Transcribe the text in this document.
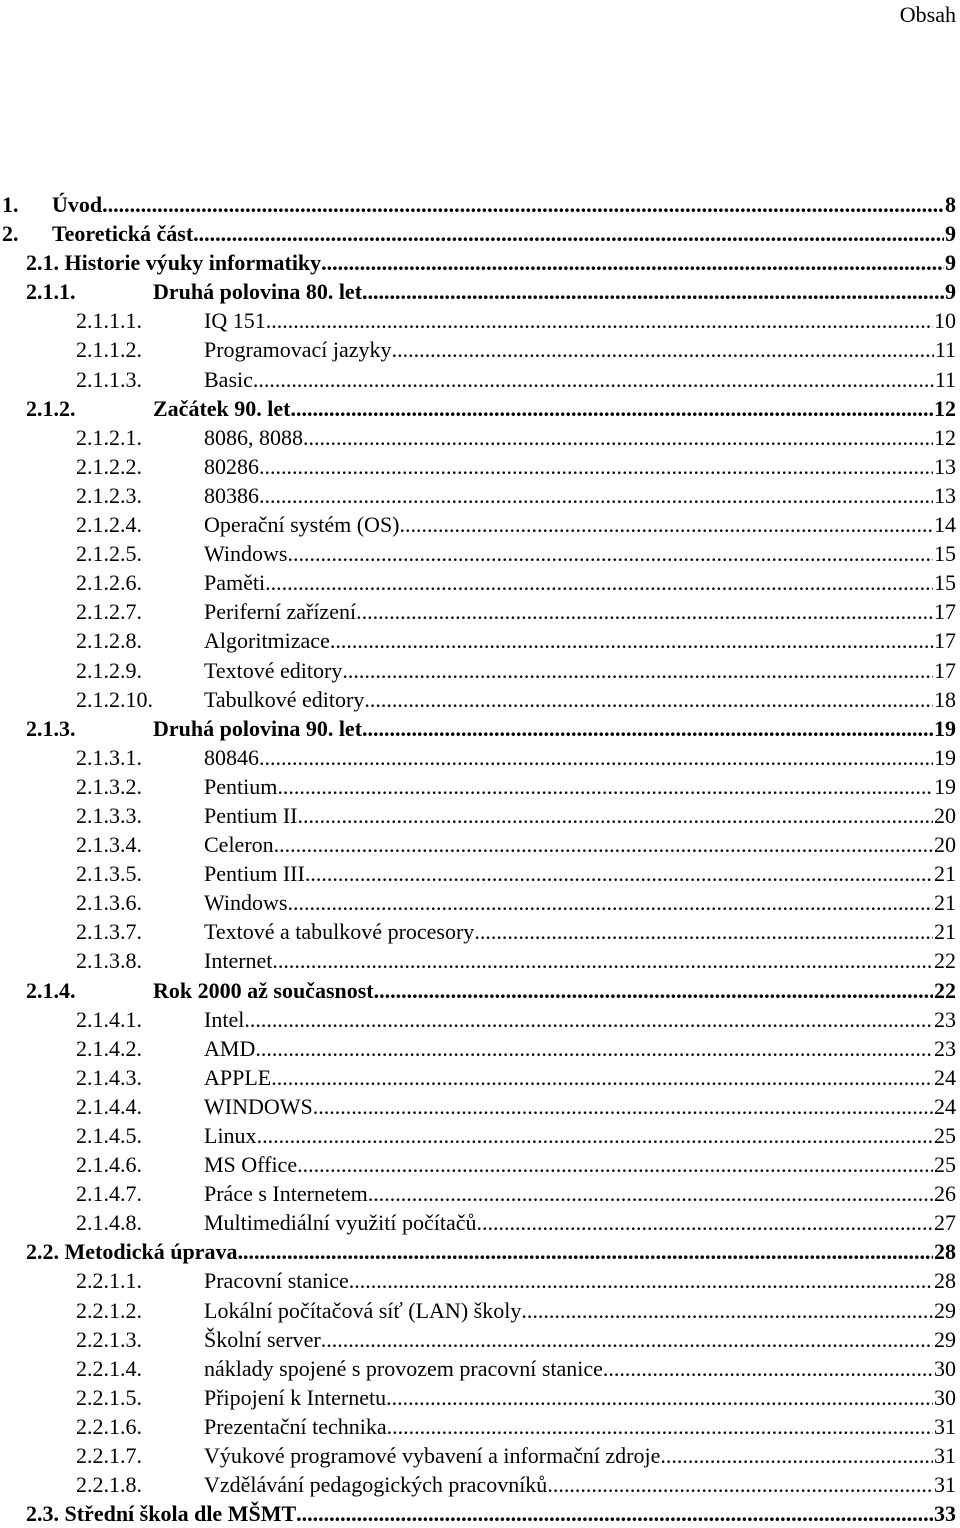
Obsah
1. Úvod .....	8
2. Teoretická část .....	9
2.1. Historie výuky informatiky .....	9
2.1.1.	Druhá polovina 80. let .....	9
2.1.1.1.	IQ 151 .....	10
2.1.1.2.	Programovací jazyky .....	11
2.1.1.3.	Basic .....	11
2.1.2.	Začátek 90. let .....	12
2.1.2.1.	8086, 8088 .....	12
2.1.2.2.	80286 .....	13
2.1.2.3.	80386 .....	13
2.1.2.4.	Operační systém (OS) .....	14
2.1.2.5.	Windows .....	15
2.1.2.6.	Paměti .....	15
2.1.2.7.	Periferní zařízení .....	17
2.1.2.8.	Algoritmizace .....	17
2.1.2.9.	Textové editory .....	17
2.1.2.10. Tabulkové editory .....	18
2.1.3.	Druhá polovina 90. let .....	19
2.1.3.1.	80846 .....	19
2.1.3.2.	Pentium .....	19
2.1.3.3.	Pentium II .....	20
2.1.3.4.	Celeron .....	20
2.1.3.5.	Pentium III .....	21
2.1.3.6.	Windows .....	21
2.1.3.7.	Textové a tabulkové procesory .....	21
2.1.3.8.	Internet .....	22
2.1.4.	Rok 2000 až současnost .....	22
2.1.4.1.	Intel .....	23
2.1.4.2.	AMD .....	23
2.1.4.3.	APPLE .....	24
2.1.4.4.	WINDOWS .....	24
2.1.4.5.	Linux .....	25
2.1.4.6.	MS Office .....	25
2.1.4.7.	Práce s Internetem .....	26
2.1.4.8.	Multimediální využití počítačů .....	27
2.2. Metodická úprava .....	28
2.2.1.1.	Pracovní stanice .....	28
2.2.1.2.	Lokální počítačová síť (LAN) školy .....	29
2.2.1.3.	Školní server .....	29
2.2.1.4.	náklady spojené s provozem pracovní stanice .....	30
2.2.1.5.	Připojení k Internetu .....	30
2.2.1.6.	Prezentační technika .....	31
2.2.1.7.	Výukové programové vybavení a informační zdroje .....	31
2.2.1.8.	Vzdělávání pedagogických pracovníků .....	31
2.3. Střední škola dle MŠMT .....	33
